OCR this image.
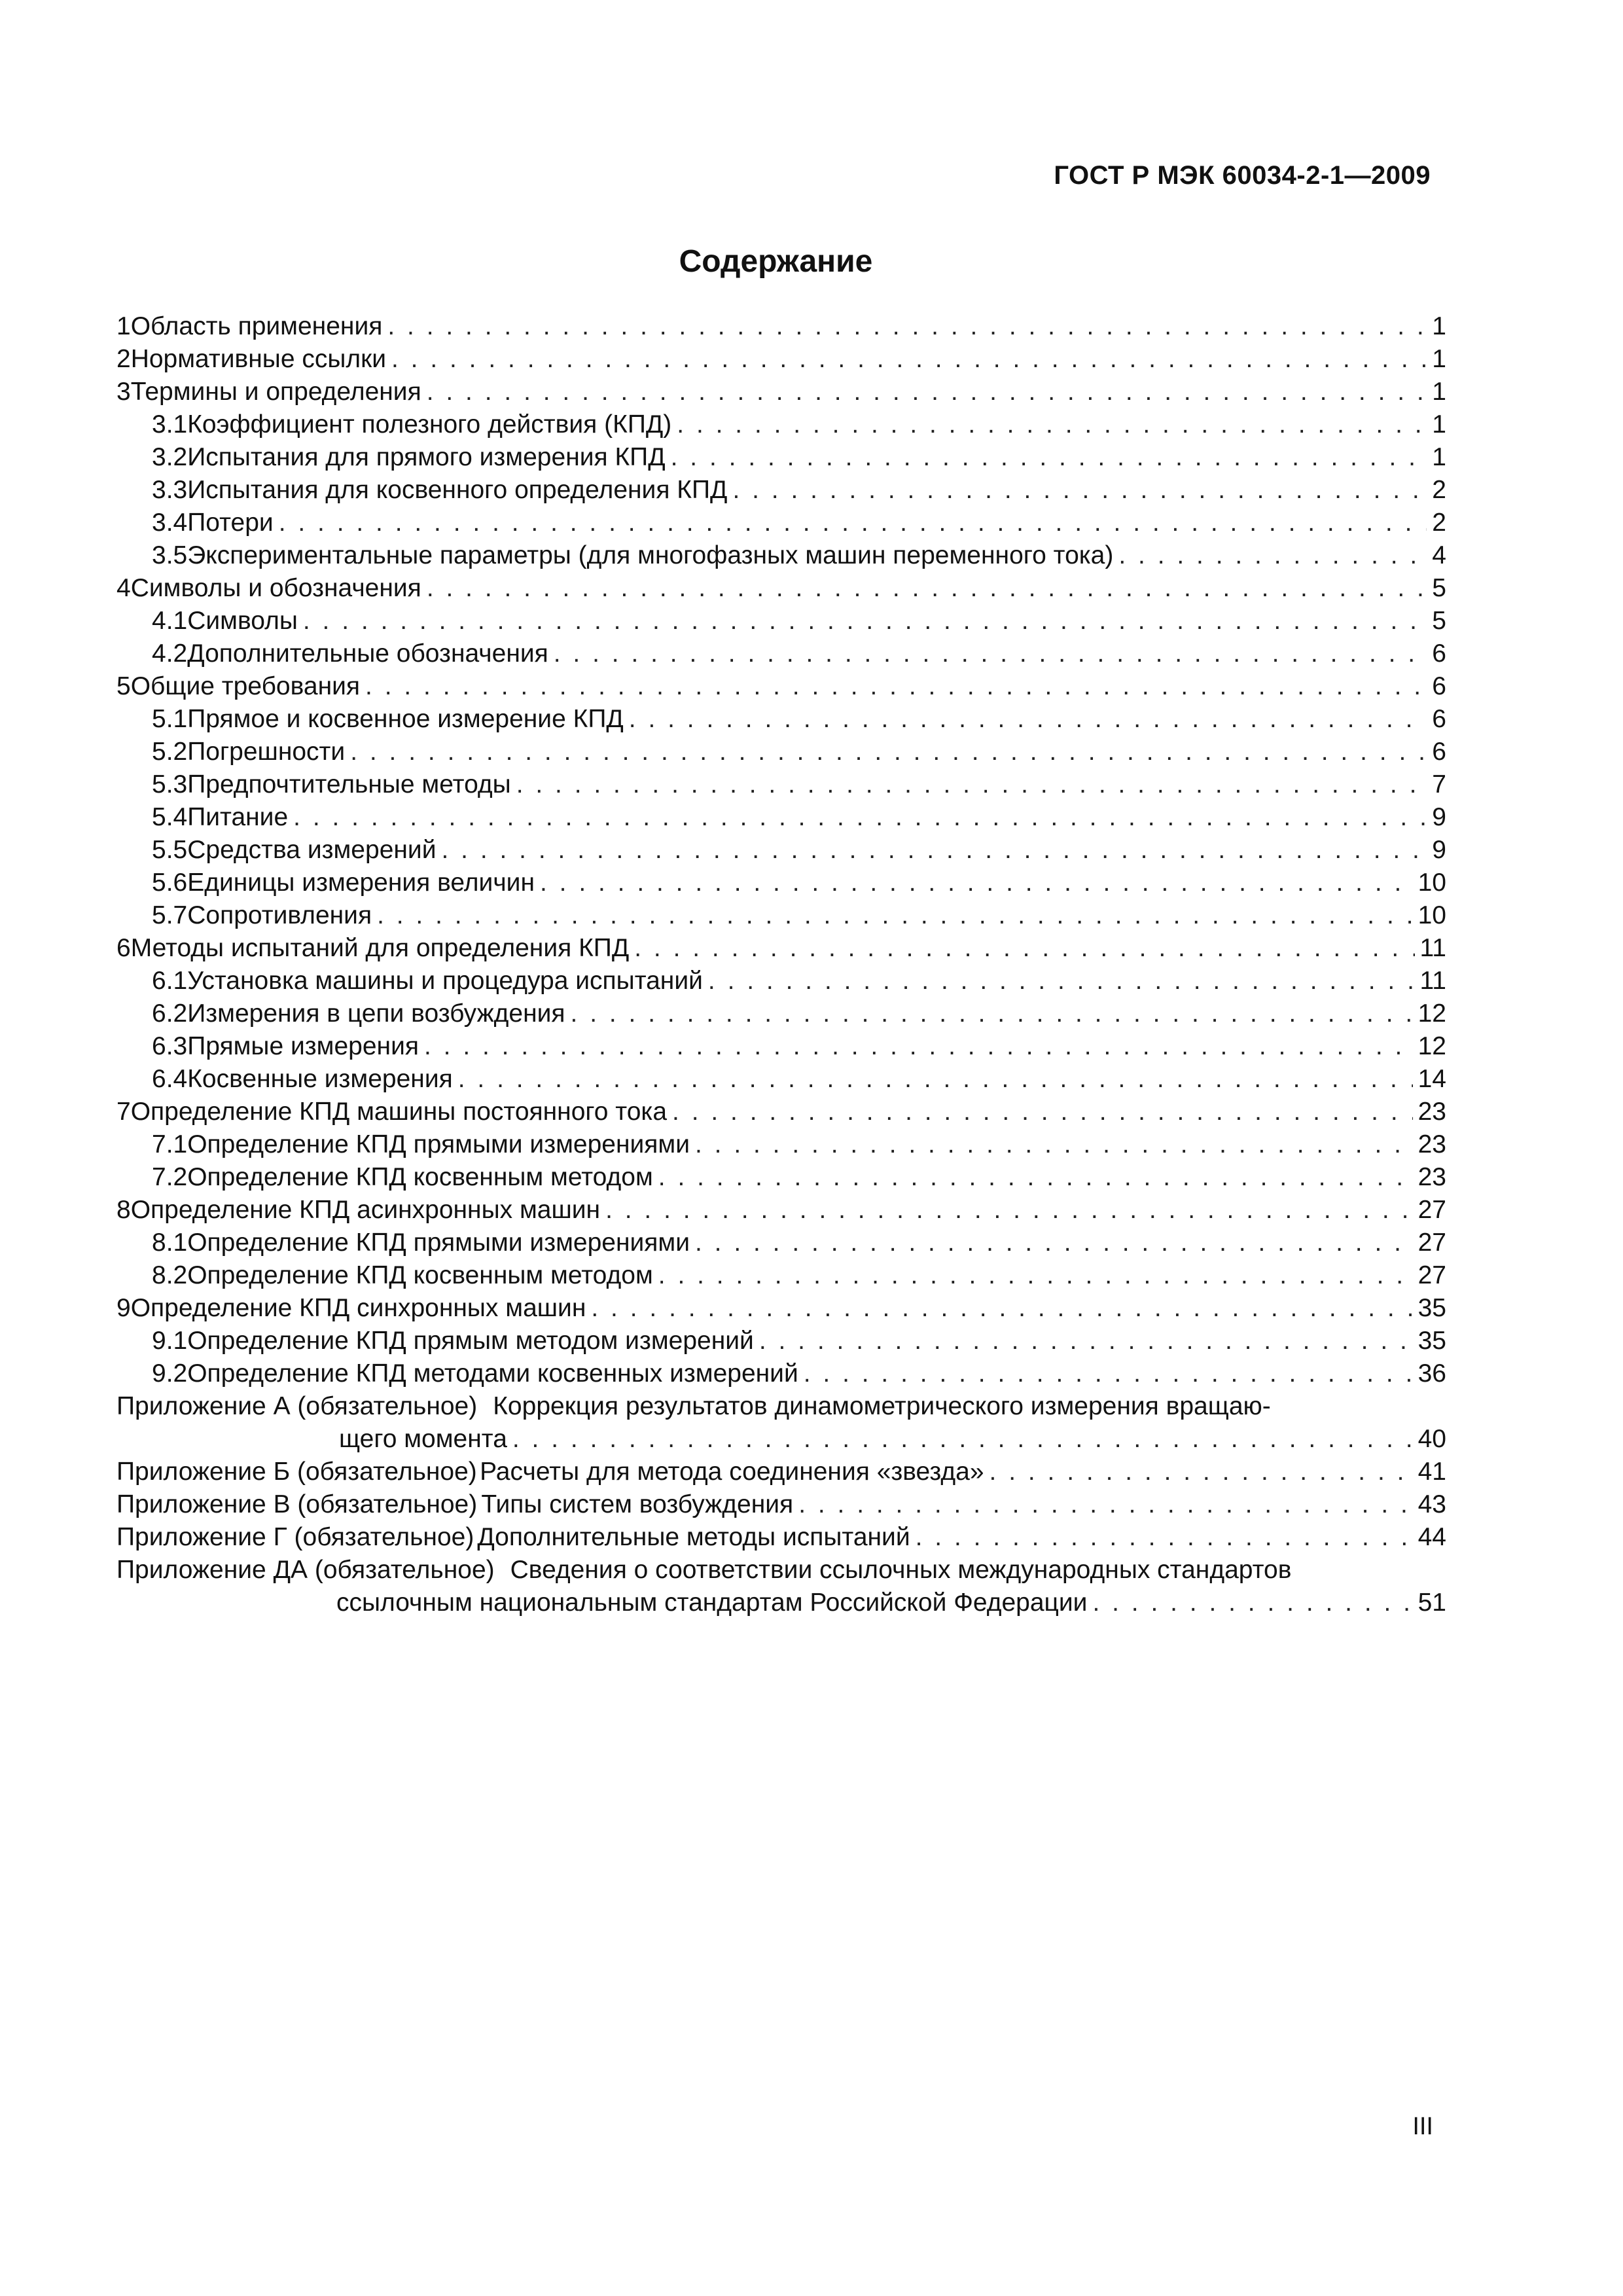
ГОСТ Р МЭК 60034-2-1—2009
Содержание
1 Область применения . . .	1
2 Нормативные ссылки . . .	1
3 Термины и определения . . .	1
3.1 Коэффициент полезного действия (КПД) . . .	1
3.2 Испытания для прямого измерения КПД . . .	1
3.3 Испытания для косвенного определения КПД . . .	2
3.4 Потери . . .	2
3.5 Экспериментальные параметры (для многофазных машин переменного тока) . . .	4
4 Символы и обозначения . . .	5
4.1 Символы . . .	5
4.2 Дополнительные обозначения . . .	6
5 Общие требования . . .	6
5.1 Прямое и косвенное измерение КПД . . .	6
5.2 Погрешности . . .	6
5.3 Предпочтительные методы . . .	7
5.4 Питание . . .	9
5.5 Средства измерений . . .	9
5.6 Единицы измерения величин . . .	10
5.7 Сопротивления . . .	10
6 Методы испытаний для определения КПД . . .	11
6.1 Установка машины и процедура испытаний . . .	11
6.2 Измерения в цепи возбуждения . . .	12
6.3 Прямые измерения . . .	12
6.4 Косвенные измерения . . .	14
7 Определение КПД машины постоянного тока . . .	23
7.1 Определение КПД прямыми измерениями . . .	23
7.2 Определение КПД косвенным методом . . .	23
8 Определение КПД асинхронных машин . . .	27
8.1 Определение КПД прямыми измерениями . . .	27
8.2 Определение КПД косвенным методом . . .	27
9 Определение КПД синхронных машин . . .	35
9.1 Определение КПД прямым методом измерений . . .	35
9.2 Определение КПД методами косвенных измерений . . .	36
Приложение А (обязательное) Коррекция результатов динамометрического измерения вращаю-
щего момента . . .	40
Приложение Б (обязательное) Расчеты для метода соединения «звезда» . . .	41
Приложение В (обязательное) Типы систем возбуждения . . .	43
Приложение Г (обязательное) Дополнительные методы испытаний . . .	44
Приложение ДА (обязательное) Сведения о соответствии ссылочных международных стандартов
ссылочным национальным стандартам Российской Федерации . . .	51
III
